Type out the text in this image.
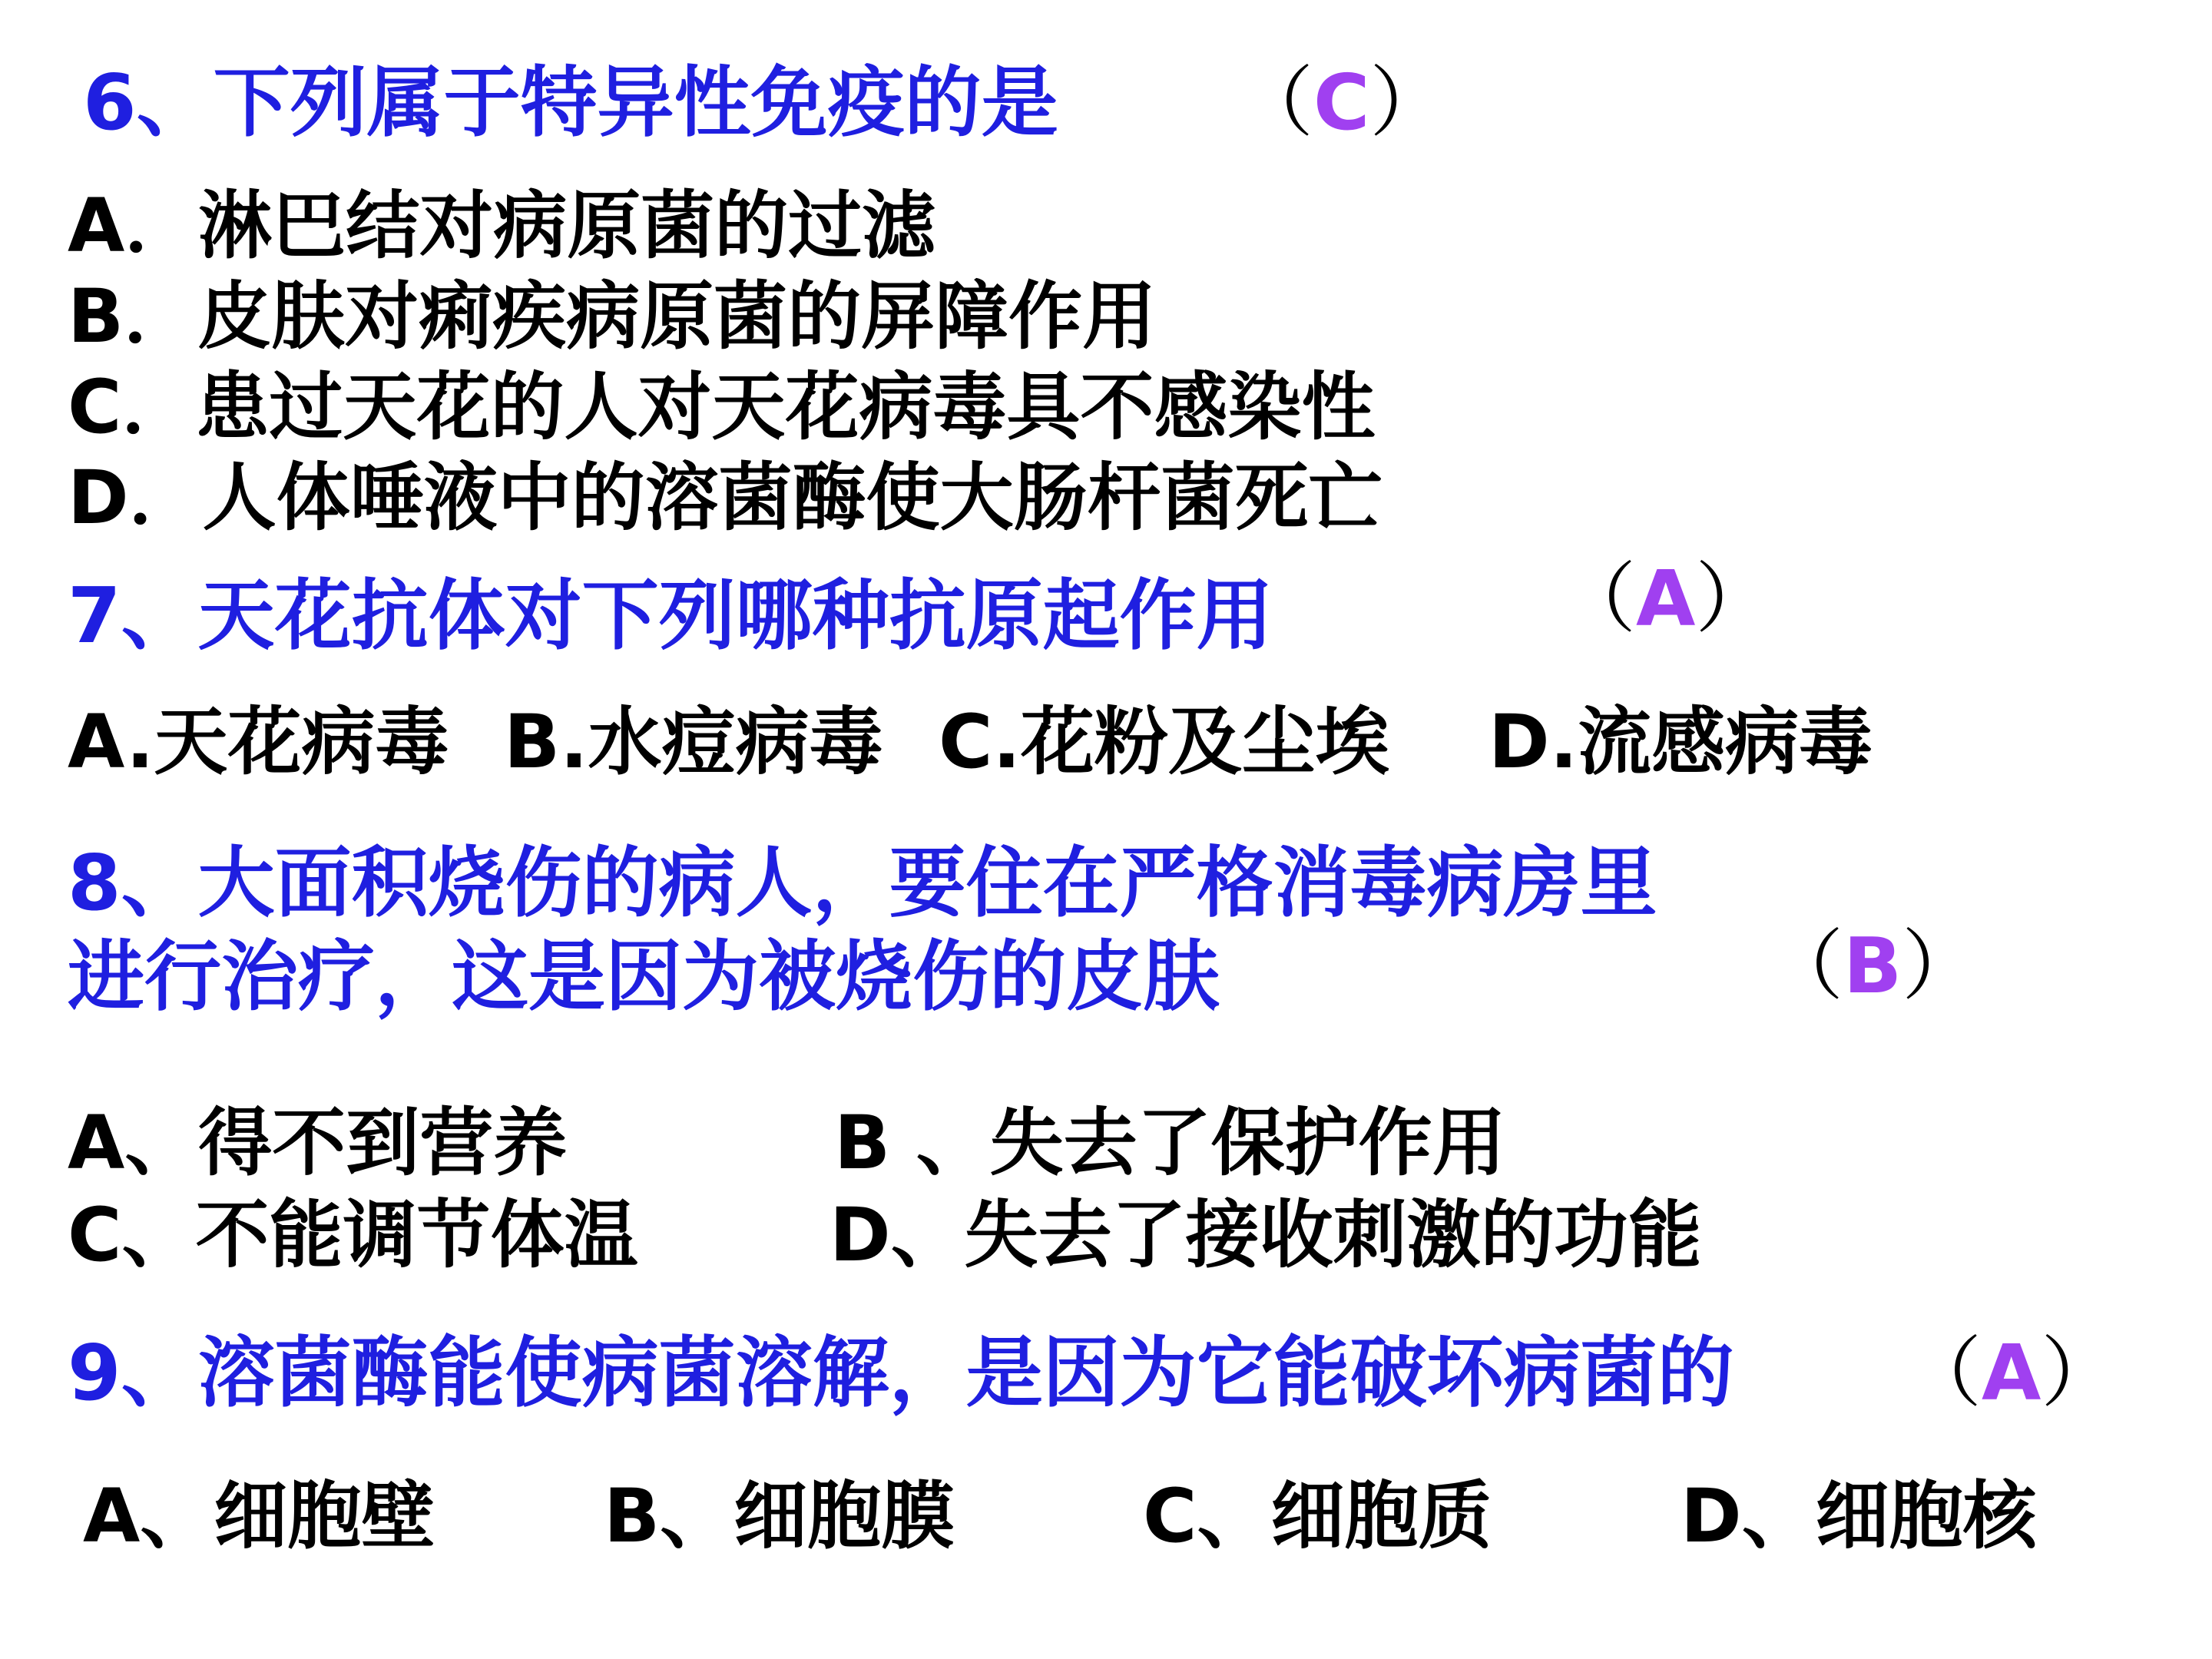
6、下列属于特异性免疫的是 （C）
A．淋巴结对病原菌的过滤
B．皮肤对痢疾病原菌的屏障作用
C．患过天花的人对天花病毒具不感染性
D．人体唾液中的溶菌酶使大肠杆菌死亡
7、天花抗体对下列哪种抗原起作用	（A）
A.天花病毒 B.水痘病毒 C.花粉及尘埃 D.流感病毒
8、大面积烧伤的病人，要住在严格消毒病房里
进行治疗，这是因为被烧伤的皮肤	（B）
A、得不到营养	B 、失去了保护作用
C、不能调节体温	D、失去了接收刺激的功能
9、溶菌酶能使病菌溶解，是因为它能破坏病菌的 （A）
A、细胞壁 B、细胞膜	C、细胞质	D、细胞核
